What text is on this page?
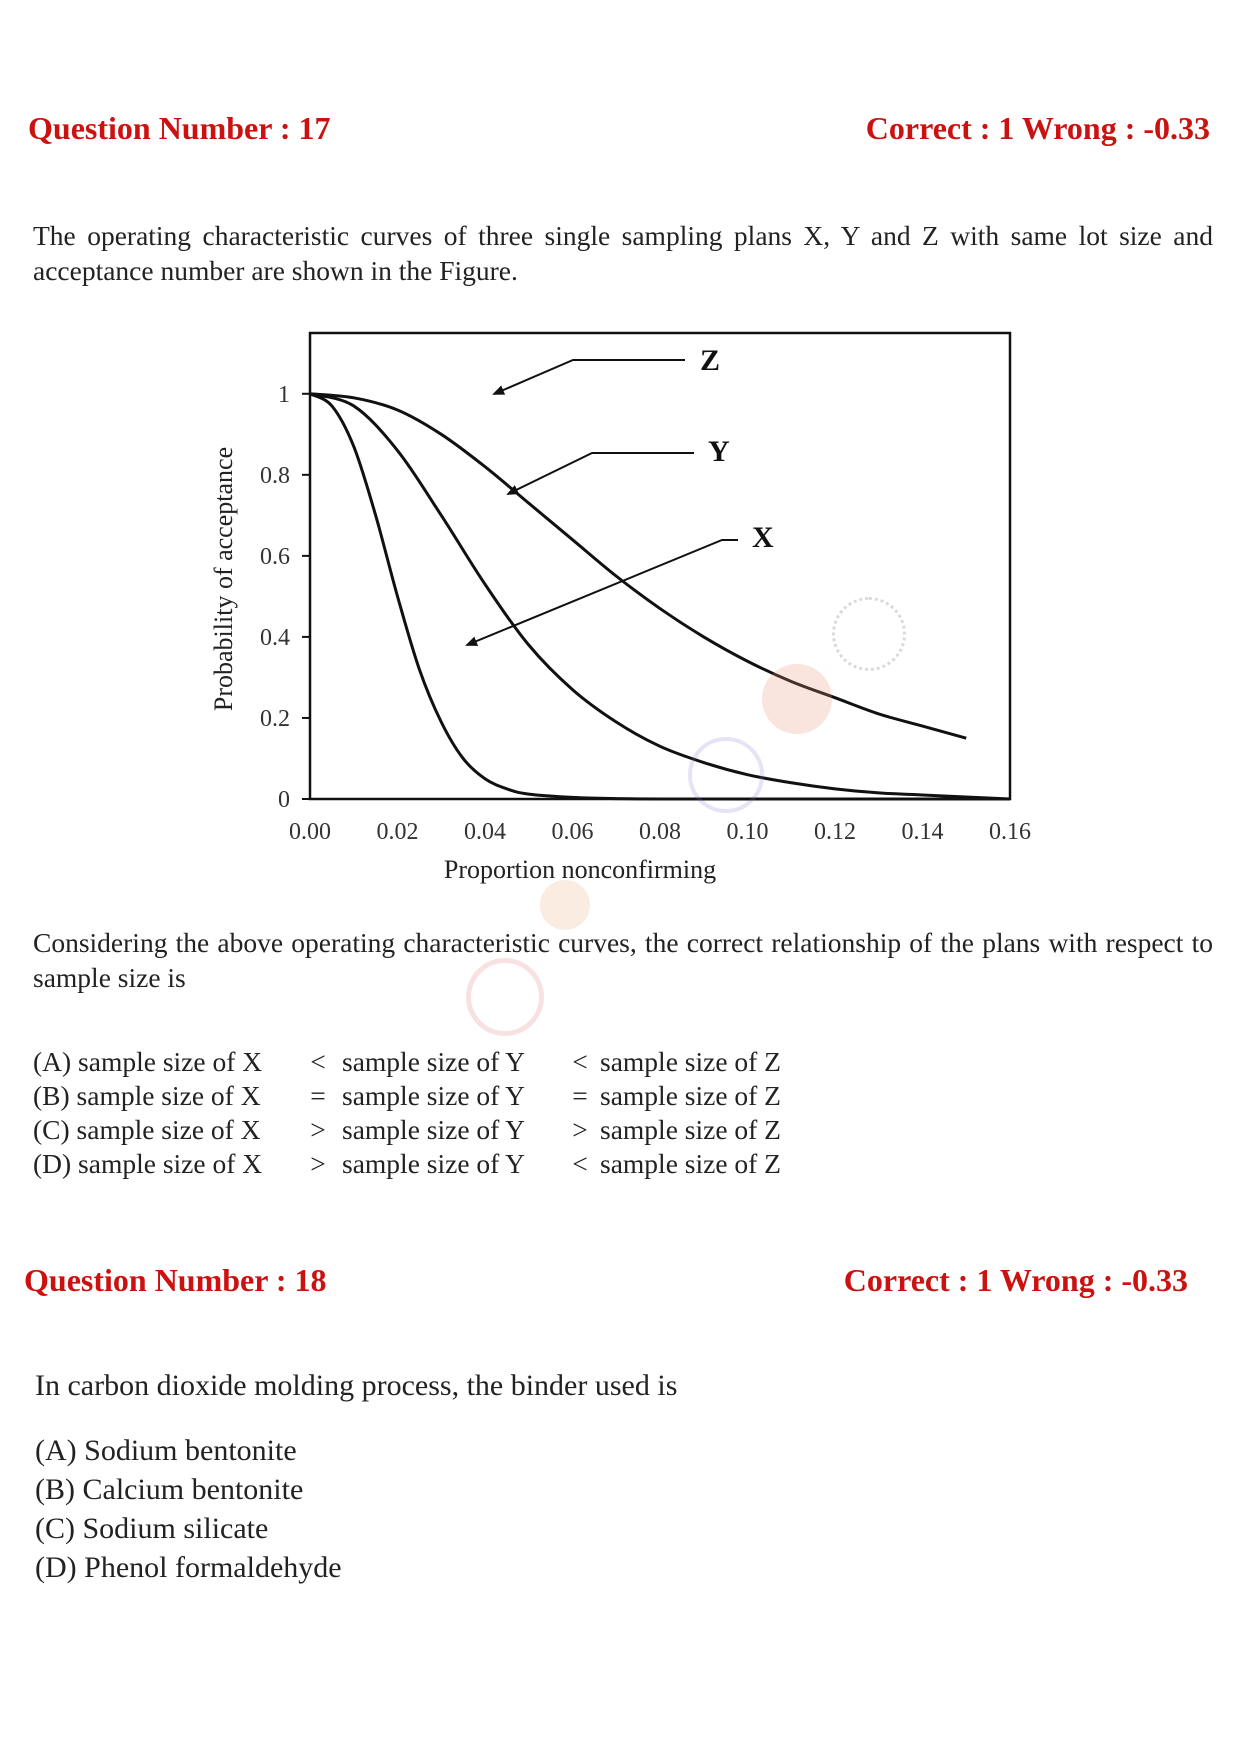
Question Number : 17	Correct : 1 Wrong : -0.33
The operating characteristic curves of three single sampling plans X, Y and Z with same lot size and acceptance number are shown in the Figure.
0
0.2
0.4
0.6
0.8
1
0.00 0.02 0.04 0.06 0.08 0.10 0.12 0.14 0.16
Z
Y
X
Proportion nonconfirming
Probability of acceptance
Considering the above operating characteristic curves, the correct relationship of the plans with respect to sample size is
(A) sample size of X	< sample size of Y	< sample size of Z
(B) sample size of X	= sample size of Y	= sample size of Z
(C) sample size of X	> sample size of Y	> sample size of Z
(D) sample size of X	> sample size of Y	< sample size of Z
Question Number : 18	Correct : 1 Wrong : -0.33
In carbon dioxide molding process, the binder used is
(A) Sodium bentonite
(B) Calcium bentonite
(C) Sodium silicate
(D) Phenol formaldehyde
